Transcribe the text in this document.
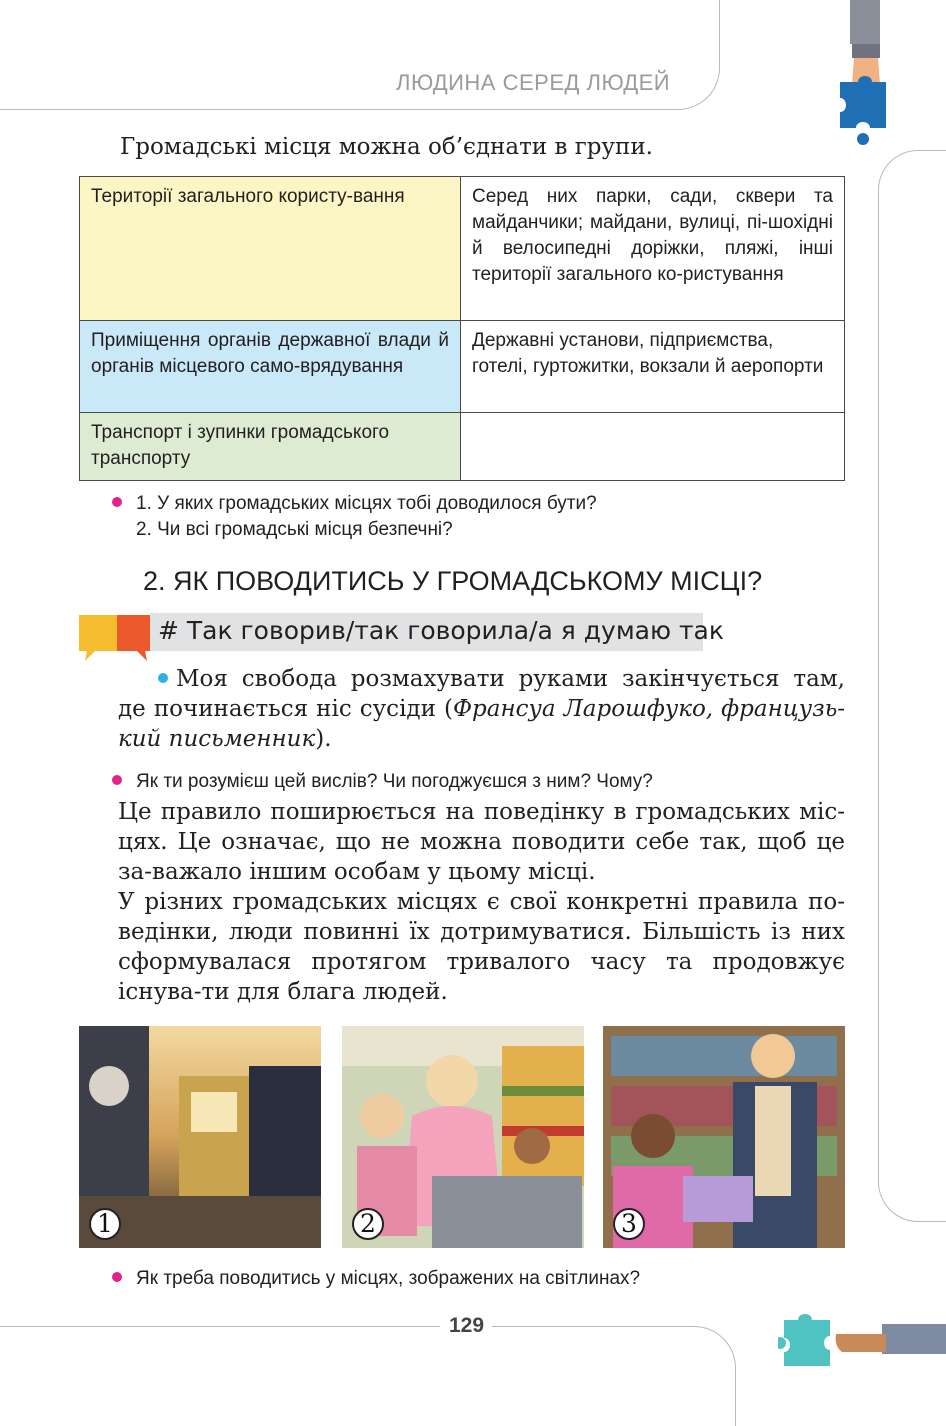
ЛЮДИНА СЕРЕД ЛЮДЕЙ
Громадські місця можна об’єднати в групи.
Території загального користу-вання	Серед них парки, сади, сквери та майданчики; майдани, вулиці, пі-шохідні й велосипедні доріжки, пляжі, інші території загального ко-ристування
Приміщення органів державної влади й органів місцевого само-врядування	Державні установи, підприємства, готелі, гуртожитки, вокзали й аеропорти
Транспорт і зупинки громадського транспорту	
1. У яких громадських місцях тобі доводилося бути?
2. Чи всі громадські місця безпечні?
2. ЯК ПОВОДИТИСЬ У ГРОМАДСЬКОМУ МІСЦІ?
# Так говорив/так говорила/а я думаю так
Моя свобода розмахувати руками закінчується там, де починається ніс сусіди (Франсуа Ларошфуко, французь-кий письменник).
Як ти розумієш цей вислів? Чи погоджуєшся з ним? Чому?
Це правило поширюється на поведінку в громадських міс-цях. Це означає, що не можна поводити себе так, щоб це за-важало іншим особам у цьому місці.
У різних громадських місцях є свої конкретні правила по-ведінки, люди повинні їх дотримуватися. Більшість із них сформувалася протягом тривалого часу та продовжує існува-ти для блага людей.
1	2	3
Як треба поводитись у місцях, зображених на світлинах?
129
